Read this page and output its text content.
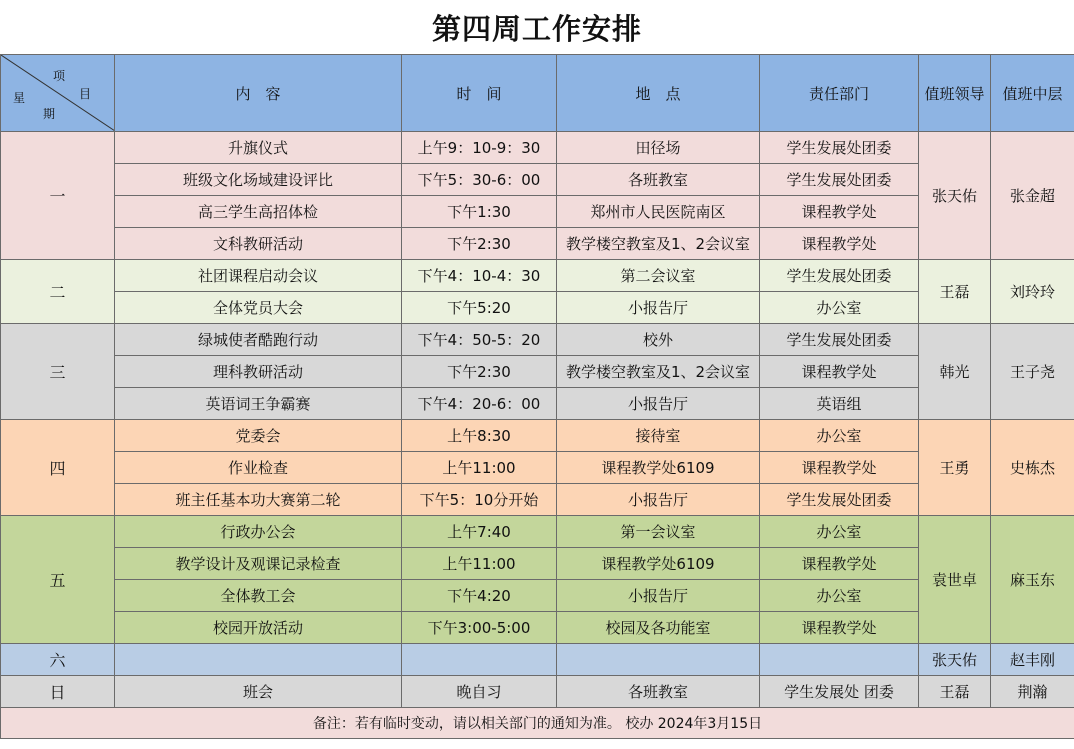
第四周工作安排
项
目
星
期	内　容	时　间	地　点	责任部门	值班领导	值班中层
一	升旗仪式	上午9：10-9：30	田径场	学生发展处团委	张天佑	张金超
	班级文化场域建设评比	下午5：30-6：00	各班教室	学生发展处团委		
	高三学生高招体检	下午1:30	郑州市人民医院南区	课程教学处		
	文科教研活动	下午2:30	教学楼空教室及1、2会议室	课程教学处		
二	社团课程启动会议	下午4：10-4：30	第二会议室	学生发展处团委	王磊	刘玲玲
	全体党员大会	下午5:20	小报告厅	办公室		
三	绿城使者酷跑行动	下午4：50-5：20	校外	学生发展处团委	韩光	王子尧
	理科教研活动	下午2:30	教学楼空教室及1、2会议室	课程教学处		
	英语词王争霸赛	下午4：20-6：00	小报告厅	英语组		
四	党委会	上午8:30	接待室	办公室	王勇	史栋杰
	作业检查	上午11:00	课程教学处6109	课程教学处		
	班主任基本功大赛第二轮	下午5：10分开始	小报告厅	学生发展处团委		
五	行政办公会	上午7:40	第一会议室	办公室	袁世卓	麻玉东
	教学设计及观课记录检查	上午11:00	课程教学处6109	课程教学处		
	全体教工会	下午4:20	小报告厅	办公室		
	校园开放活动	下午3:00-5:00	校园及各功能室	课程教学处		
六					张天佑	赵丰刚
日	班会	晚自习	各班教室	学生发展处 团委	王磊	荆瀚
备注：若有临时变动，请以相关部门的通知为准。 校办 2024年3月15日						
